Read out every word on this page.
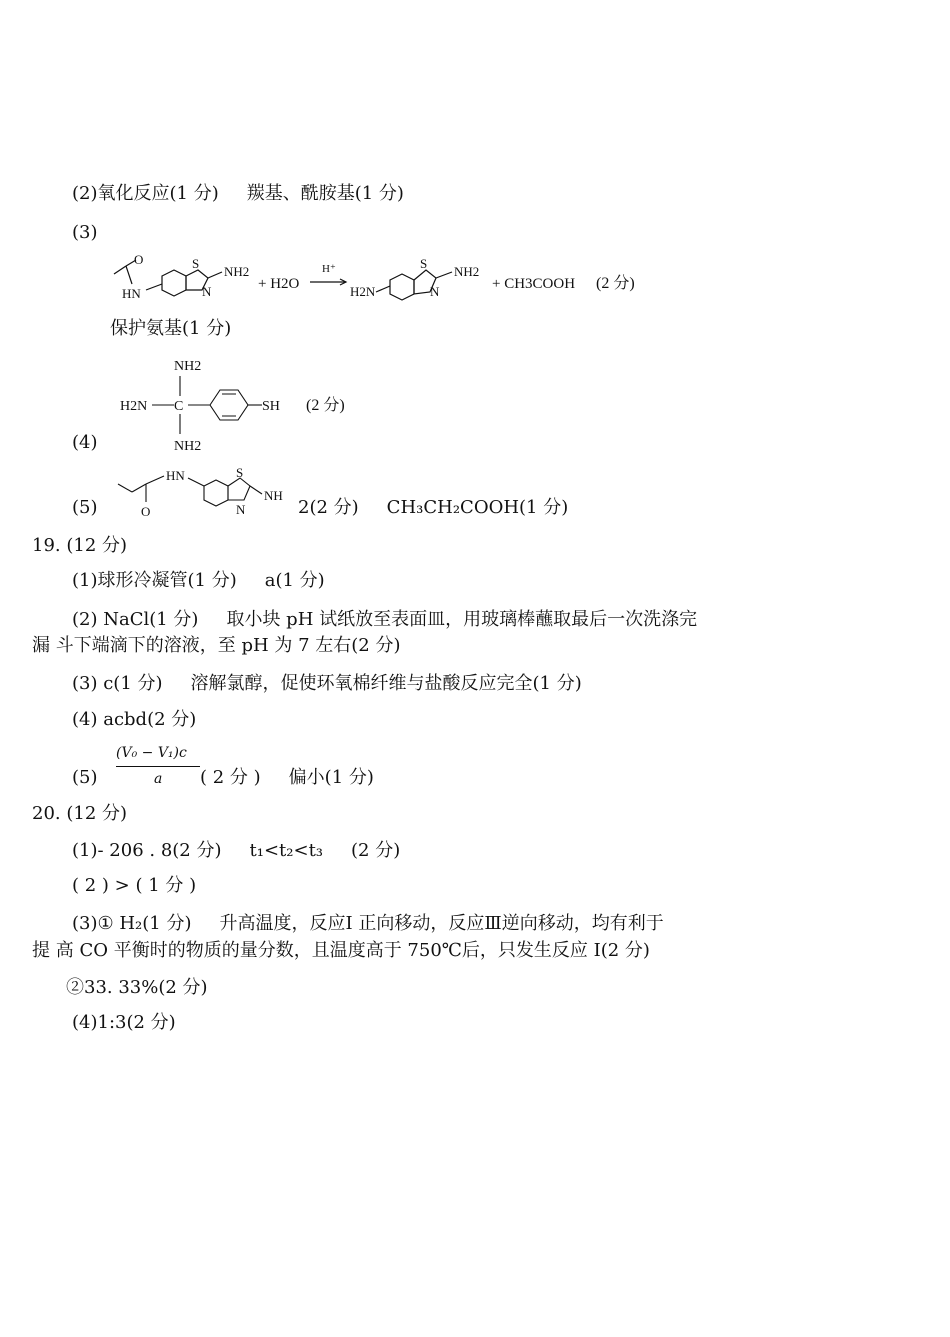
(2)氧化反应(1 分) 羰基、酰胺基(1 分)
(3)
O
HN
S
N
NH2
+ H2O
H⁺
H2N
S
N
NH2
+ CH3COOH (2 分)
保护氨基(1 分)
NH2
H2N C
NH2
SH (2 分)
(4)
(5)	O
HN	S
N
NH
2(2 分) CH₃CH₂COOH(1 分)
19. (12 分)
(1)球形冷凝管(1 分) a(1 分)
(2) NaCl(1 分) 取小块 pH 试纸放至表面皿，用玻璃棒蘸取最后一次洗涤完
漏 斗下端滴下的溶液，至 pH 为 7 左右(2 分)
(3) c(1 分) 溶解氯醇，促使环氧棉纤维与盐酸反应完全(1 分)
(4) acbd(2 分)
(5)
(V₀ − V₁)c
a ( 2 分 ) 偏小(1 分)
20. (12 分)
(1)- 206 . 8(2 分) t₁<t₂<t₃ (2 分)
( 2 ) > ( 1 分 )
(3)① H₂(1 分) 升高温度，反应Ⅰ 正向移动，反应Ⅲ逆向移动，均有利于
提 高 CO 平衡时的物质的量分数，且温度高于 750℃后，只发生反应 I(2 分)
②33. 33%(2 分)
(4)1:3(2 分)
